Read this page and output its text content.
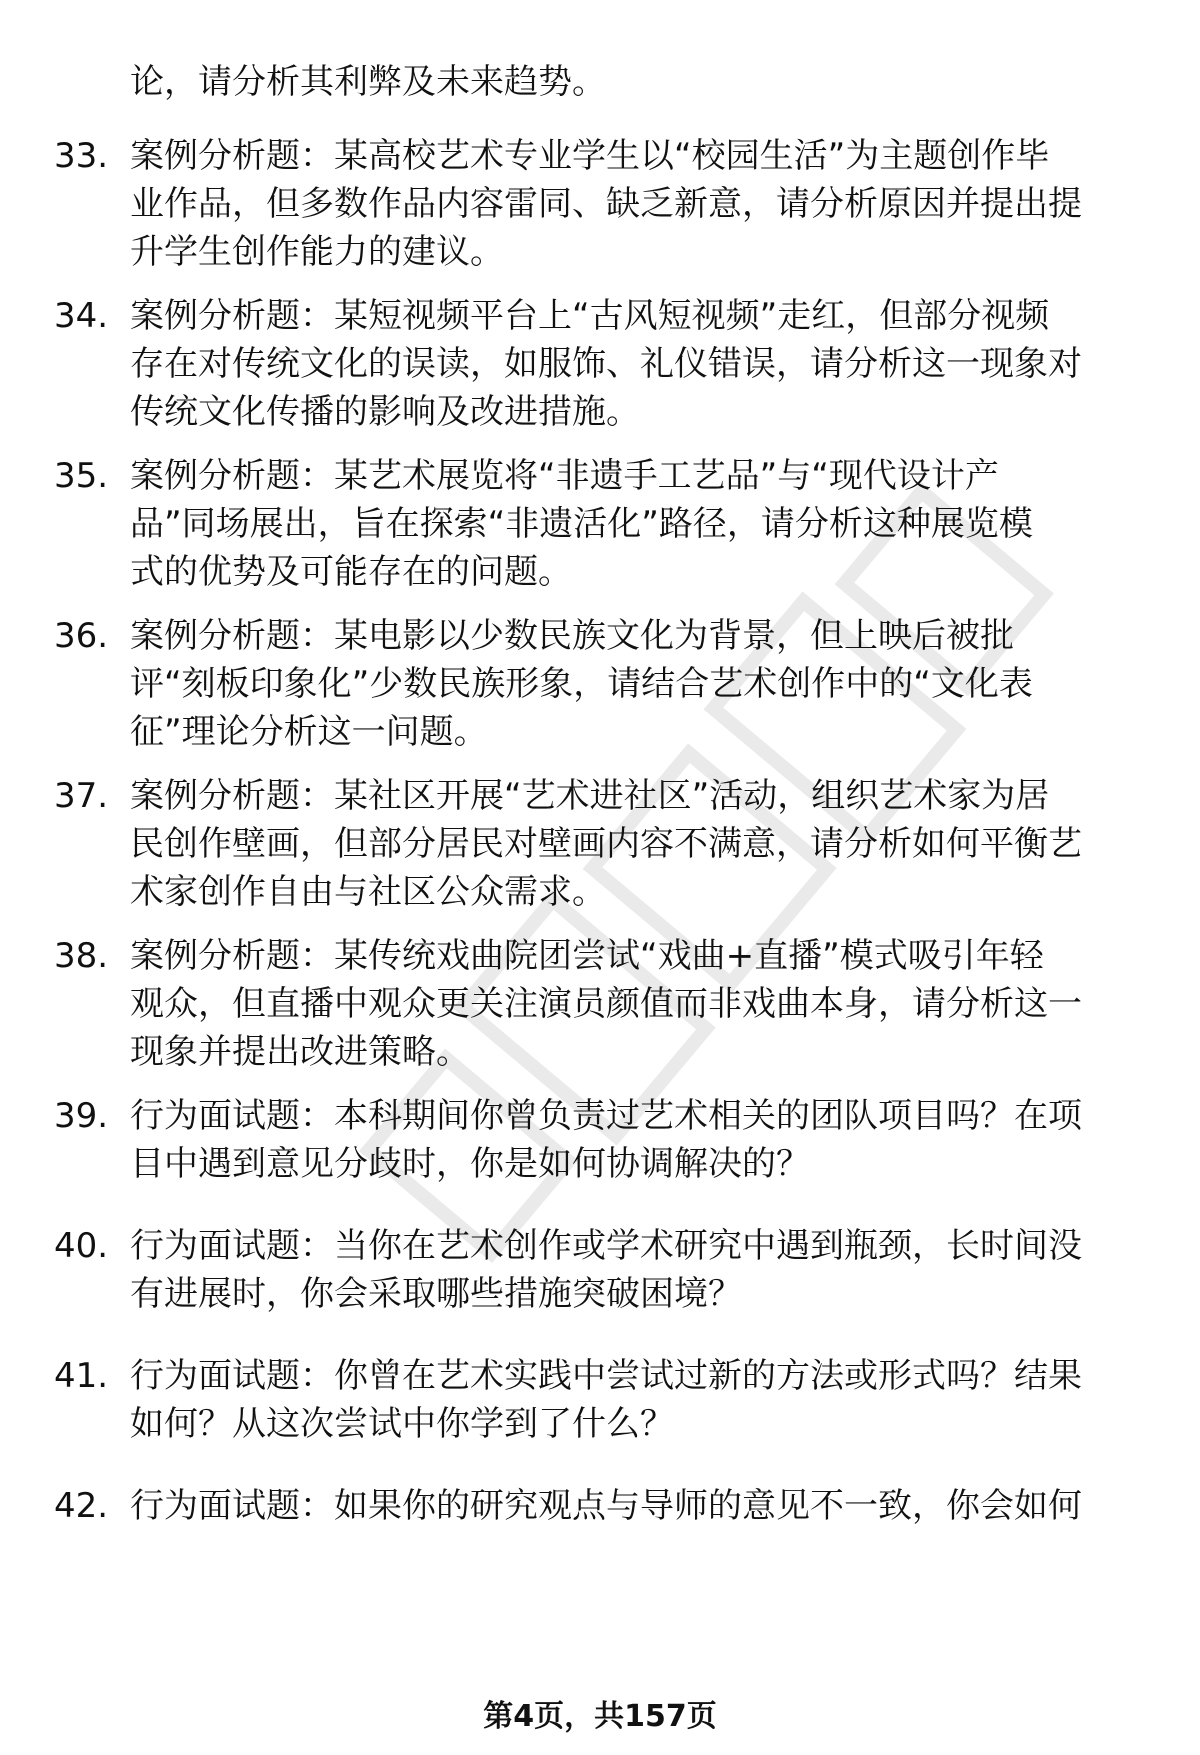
论，请分析其利弊及未来趋势。
33. 案例分析题：某高校艺术专业学生以“校园生活”为主题创作毕
业作品，但多数作品内容雷同、缺乏新意，请分析原因并提出提
升学生创作能力的建议。
34. 案例分析题：某短视频平台上“古风短视频”走红，但部分视频
存在对传统文化的误读，如服饰、礼仪错误，请分析这一现象对
传统文化传播的影响及改进措施。
35. 案例分析题：某艺术展览将“非遗手工艺品”与“现代设计产
品”同场展出，旨在探索“非遗活化”路径，请分析这种展览模
式的优势及可能存在的问题。
36. 案例分析题：某电影以少数民族文化为背景，但上映后被批
评“刻板印象化”少数民族形象，请结合艺术创作中的“文化表
征”理论分析这一问题。
37. 案例分析题：某社区开展“艺术进社区”活动，组织艺术家为居
民创作壁画，但部分居民对壁画内容不满意，请分析如何平衡艺
术家创作自由与社区公众需求。
38. 案例分析题：某传统戏曲院团尝试“戏曲+直播”模式吸引年轻
观众，但直播中观众更关注演员颜值而非戏曲本身，请分析这一
现象并提出改进策略。
39. 行为面试题：本科期间你曾负责过艺术相关的团队项目吗？在项
目中遇到意见分歧时，你是如何协调解决的？
40. 行为面试题：当你在艺术创作或学术研究中遇到瓶颈，长时间没
有进展时，你会采取哪些措施突破困境？
41. 行为面试题：你曾在艺术实践中尝试过新的方法或形式吗？结果
如何？从这次尝试中你学到了什么？
42. 行为面试题：如果你的研究观点与导师的意见不一致，你会如何
第4页，共157页
